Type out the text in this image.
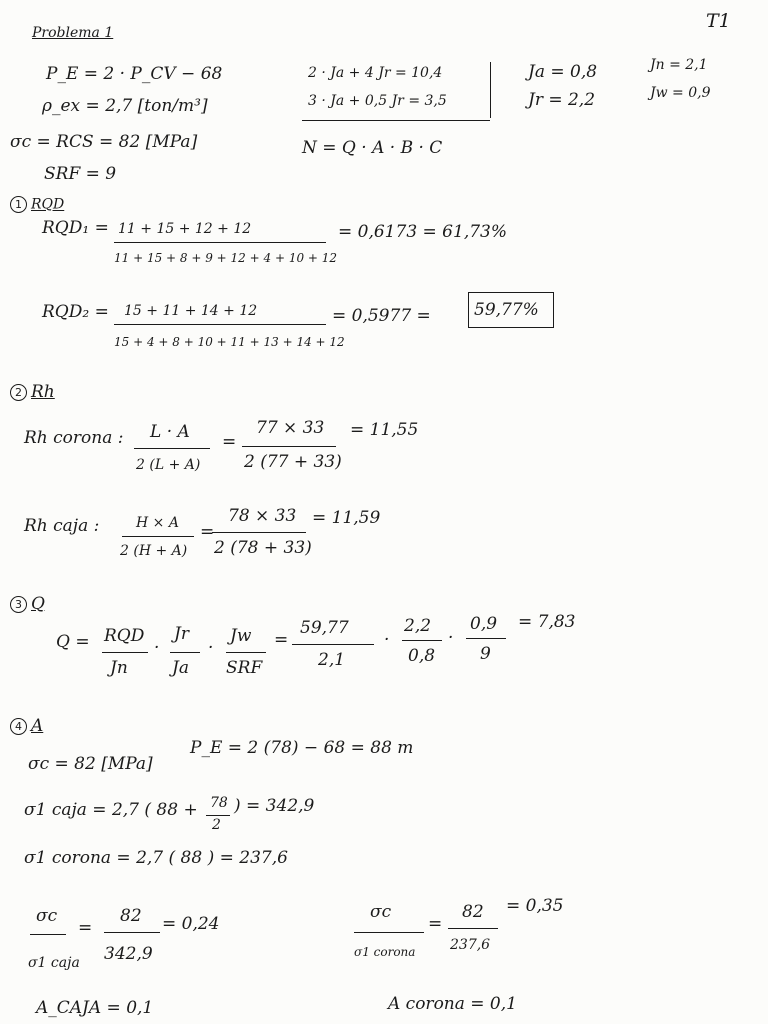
Problema 1
T1
P_E = 2 · P_CV − 68
ρ_ex = 2,7 [ton/m³]
σc = RCS = 82 [MPa]
SRF = 9
2 · Ja + 4 Jr = 10,4
3 · Ja + 0,5 Jr = 3,5
Ja = 0,8
Jr = 2,2
Jn = 2,1
Jw = 0,9
N = Q · A · B · C
1 RQD
RQD₁ = 11 + 15 + 12 + 12
11 + 15 + 8 + 9 + 12 + 4 + 10 + 12
= 0,6173 = 61,73%
RQD₂ = 15 + 11 + 14 + 12
15 + 4 + 8 + 10 + 11 + 13 + 14 + 12
= 0,5977 =	59,77%
2 Rh
Rh corona : L · A
2 (L + A)
=
77 × 33
2 (77 + 33)
= 11,55
Rh caja :	H × A
2 (H + A)
=
78 × 33
2 (78 + 33)
= 11,59
3 Q
Q = RQD
Jn
·
Jr
Ja
·
Jw
SRF
=
59,77
2,1
·
2,2
0,8
·
0,9
9
= 7,83
4 A
σc = 82 [MPa]
P_E = 2 (78) − 68 = 88 m
σ1 caja = 2,7 ( 88 + 78
2
) = 342,9
σ1 corona = 2,7 ( 88 ) = 237,6
σc
σ1 caja
=
82
342,9
= 0,24
σc
σ1 corona
=
82
237,6
= 0,35
A_CAJA = 0,1	A corona = 0,1
